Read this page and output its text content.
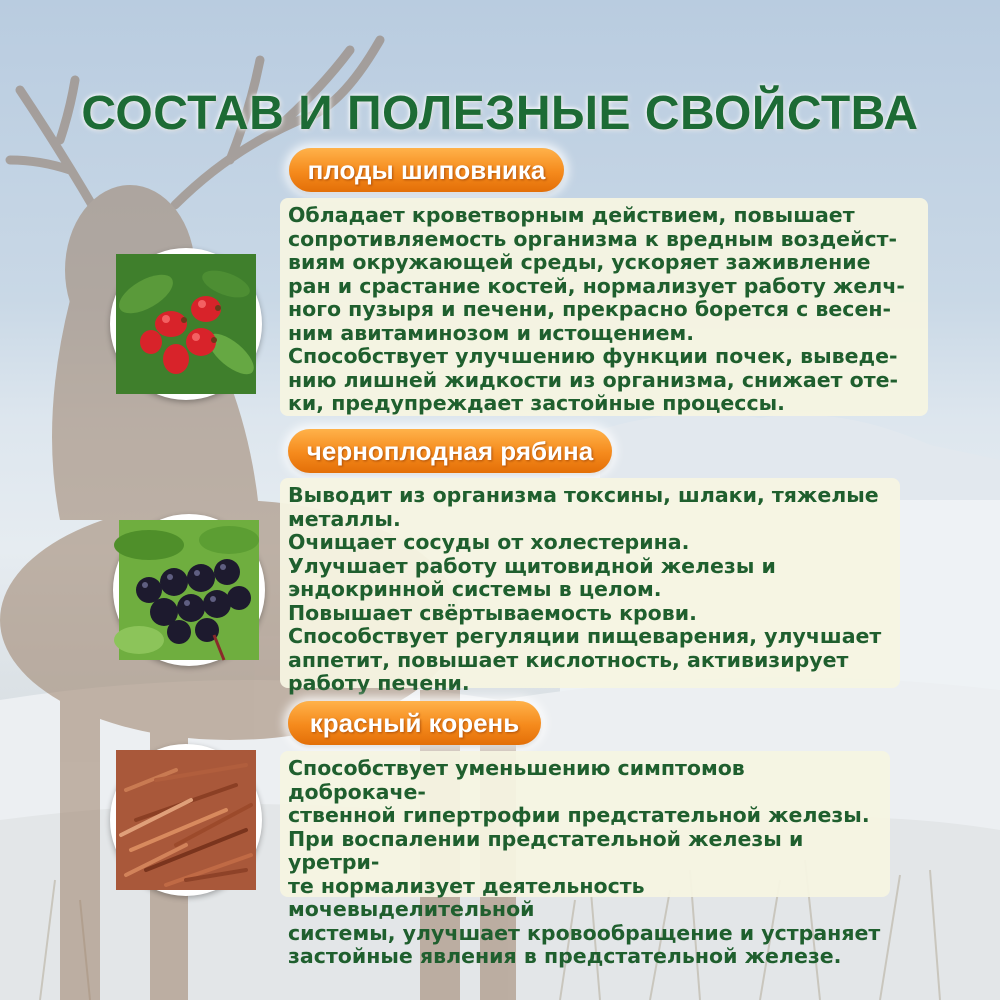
СОСТАВ И ПОЛЕЗНЫЕ СВОЙСТВА
плоды шиповника
Обладает кроветворным действием, повышает
сопротивляемость организма к вредным воздейст-
виям окружающей среды, ускоряет заживление
ран и срастание костей, нормализует работу желч-
ного пузыря и печени, прекрасно борется с весен-
ним авитаминозом и истощением.
Способствует улучшению функции почек, выведе-
нию лишней жидкости из организма, снижает оте-
ки, предупреждает застойные процессы.
черноплодная рябина
Выводит из организма токсины, шлаки, тяжелые
металлы.
Очищает сосуды от холестерина.
Улучшает работу щитовидной железы и
эндокринной системы в целом.
Повышает свёртываемость крови.
Способствует регуляции пищеварения, улучшает
аппетит, повышает кислотность, активизирует
работу печени.
красный корень
Способствует уменьшению симптомов доброкаче-
ственной гипертрофии предстательной железы.
При воспалении предстательной железы и уретри-
те нормализует деятельность мочевыделительной
системы, улучшает кровообращение и устраняет
застойные явления в предстательной железе.
